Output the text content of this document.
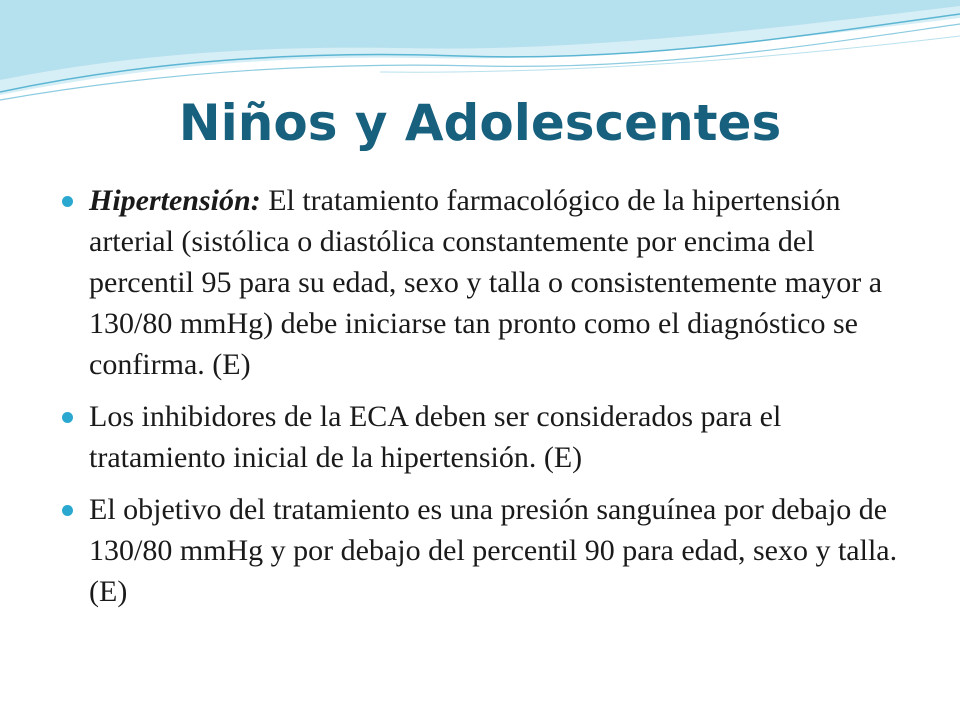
Niños y Adolescentes
Hipertensión: El tratamiento farmacológico de la hipertensión arterial (sistólica o diastólica constantemente por encima del percentil 95 para su edad, sexo y talla o consistentemente mayor a 130/80 mmHg) debe iniciarse tan pronto como el diagnóstico se confirma. (E)
Los inhibidores de la ECA deben ser considerados para el tratamiento inicial de la hipertensión. (E)
El objetivo del tratamiento es una presión sanguínea por debajo de 130/80 mmHg y por debajo del percentil 90 para edad, sexo y talla. (E)
